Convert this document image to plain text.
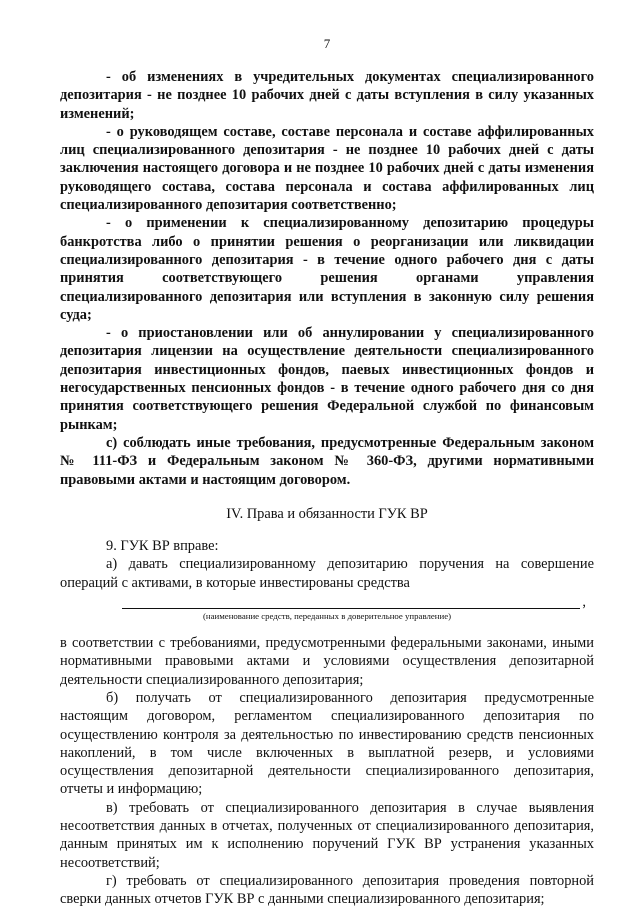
7

- об изменениях в учредительных документах специализированного депозитария - не позднее 10 рабочих дней с даты вступления в силу указанных изменений;

- о руководящем составе, составе персонала и составе аффилированных лиц специализированного депозитария - не позднее 10 рабочих дней с даты заключения настоящего договора и не позднее 10 рабочих дней с даты изменения руководящего состава, состава персонала и состава аффилированных лиц специализированного депозитария соответственно;

- о применении к специализированному депозитарию процедуры банкротства либо о принятии решения о реорганизации или ликвидации специализированного депозитария - в течение одного рабочего дня с даты принятия соответствующего решения органами управления специализированного депозитария или вступления в законную силу решения суда;

- о приостановлении или об аннулировании у специализированного депозитария лицензии на осуществление деятельности специализированного депозитария инвестиционных фондов, паевых инвестиционных фондов и негосударственных пенсионных фондов - в течение одного рабочего дня со дня принятия соответствующего решения Федеральной службой по финансовым рынкам;

с) соблюдать иные требования, предусмотренные Федеральным законом № 111-ФЗ и Федеральным законом № 360-ФЗ, другими нормативными правовыми актами и настоящим договором.

IV. Права и обязанности ГУК ВР

9. ГУК ВР вправе:

а) давать специализированному депозитарию поручения на совершение операций с активами, в которые инвестированы средства

,
(наименование средств, переданных в доверительное управление)

в соответствии с требованиями, предусмотренными федеральными законами, иными нормативными правовыми актами и условиями осуществления депозитарной деятельности специализированного депозитария;

б) получать от специализированного депозитария предусмотренные настоящим договором, регламентом специализированного депозитария по осуществлению контроля за деятельностью по инвестированию средств пенсионных накоплений, в том числе включенных в выплатной резерв, и условиями осуществления депозитарной деятельности специализированного депозитария, отчеты и информацию;

в) требовать от специализированного депозитария в случае выявления несоответствия данных в отчетах, полученных от специализированного депозитария, данным принятых им к исполнению поручений ГУК ВР устранения указанных несоответствий;

г) требовать от специализированного депозитария проведения повторной сверки данных отчетов ГУК ВР с данными специализированного депозитария;
